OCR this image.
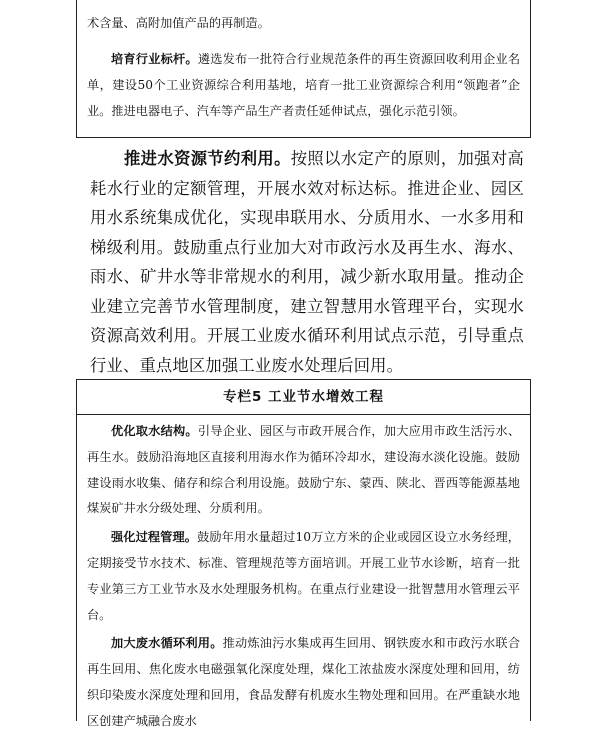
术含量、高附加值产品的再制造。

培育行业标杆。遴选发布一批符合行业规范条件的再生资源回收利用企业名单，建设50个工业资源综合利用基地，培育一批工业资源综合利用“领跑者”企业。推进电器电子、汽车等产品生产者责任延伸试点，强化示范引领。

推进水资源节约利用。按照以水定产的原则，加强对高耗水行业的定额管理，开展水效对标达标。推进企业、园区用水系统集成优化，实现串联用水、分质用水、一水多用和梯级利用。鼓励重点行业加大对市政污水及再生水、海水、雨水、矿井水等非常规水的利用，减少新水取用量。推动企业建立完善节水管理制度，建立智慧用水管理平台，实现水资源高效利用。开展工业废水循环利用试点示范，引导重点行业、重点地区加强工业废水处理后回用。

专栏5 工业节水增效工程

优化取水结构。引导企业、园区与市政开展合作，加大应用市政生活污水、再生水。鼓励沿海地区直接利用海水作为循环冷却水，建设海水淡化设施。鼓励建设雨水收集、储存和综合利用设施。鼓励宁东、蒙西、陕北、晋西等能源基地煤炭矿井水分级处理、分质利用。

强化过程管理。鼓励年用水量超过10万立方米的企业或园区设立水务经理，定期接受节水技术、标准、管理规范等方面培训。开展工业节水诊断，培育一批专业第三方工业节水及水处理服务机构。在重点行业建设一批智慧用水管理云平台。

加大废水循环利用。推动炼油污水集成再生回用、钢铁废水和市政污水联合再生回用、焦化废水电磁强氧化深度处理，煤化工浓盐废水深度处理和回用，纺织印染废水深度处理和回用，食品发酵有机废水生物处理和回用。在严重缺水地区创建产城融合废水
